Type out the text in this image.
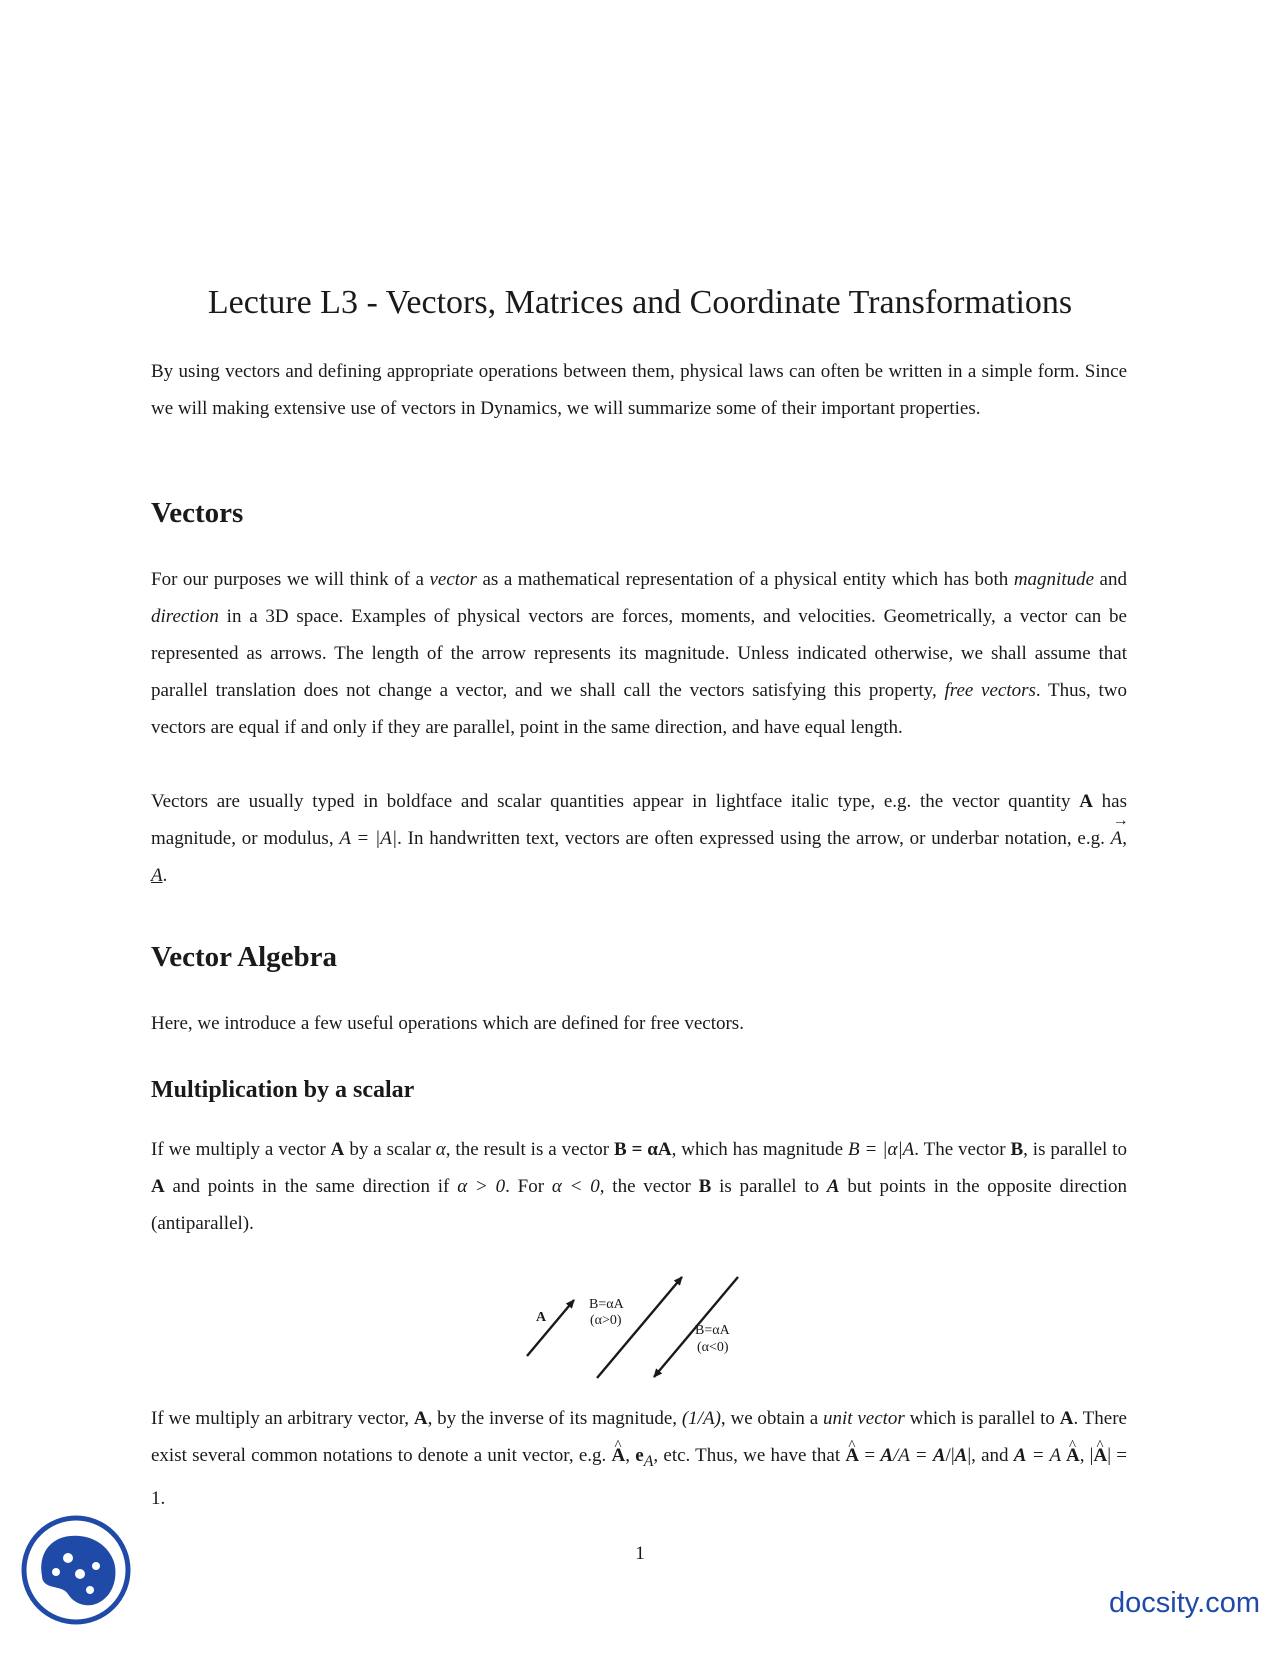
Lecture L3 - Vectors, Matrices and Coordinate Transformations

By using vectors and defining appropriate operations between them, physical laws can often be written in a simple form. Since we will making extensive use of vectors in Dynamics, we will summarize some of their important properties.

Vectors

For our purposes we will think of a vector as a mathematical representation of a physical entity which has both magnitude and direction in a 3D space. Examples of physical vectors are forces, moments, and velocities. Geometrically, a vector can be represented as arrows. The length of the arrow represents its magnitude. Unless indicated otherwise, we shall assume that parallel translation does not change a vector, and we shall call the vectors satisfying this property, free vectors. Thus, two vectors are equal if and only if they are parallel, point in the same direction, and have equal length.

Vectors are usually typed in boldface and scalar quantities appear in lightface italic type, e.g. the vector quantity A has magnitude, or modulus, A = |A|. In handwritten text, vectors are often expressed using the arrow, or underbar notation, e.g. → A, A.

Vector Algebra

Here, we introduce a few useful operations which are defined for free vectors.

Multiplication by a scalar

If we multiply a vector A by a scalar α, the result is a vector B = αA, which has magnitude B = |α|A. The vector B, is parallel to A and points in the same direction if α > 0. For α < 0, the vector B is parallel to A but points in the opposite direction (antiparallel).

A
B=αA
(α>0)
B=αA
(α<0)

If we multiply an arbitrary vector, A, by the inverse of its magnitude, (1/A), we obtain a unit vector which is parallel to A. There exist several common notations to denote a unit vector, e.g. ^ A, $e_A$, etc. Thus, we have that ^ A = A/A = A/|A|, and A = A ^ A, |^ A| = 1.

1
docsity.com
